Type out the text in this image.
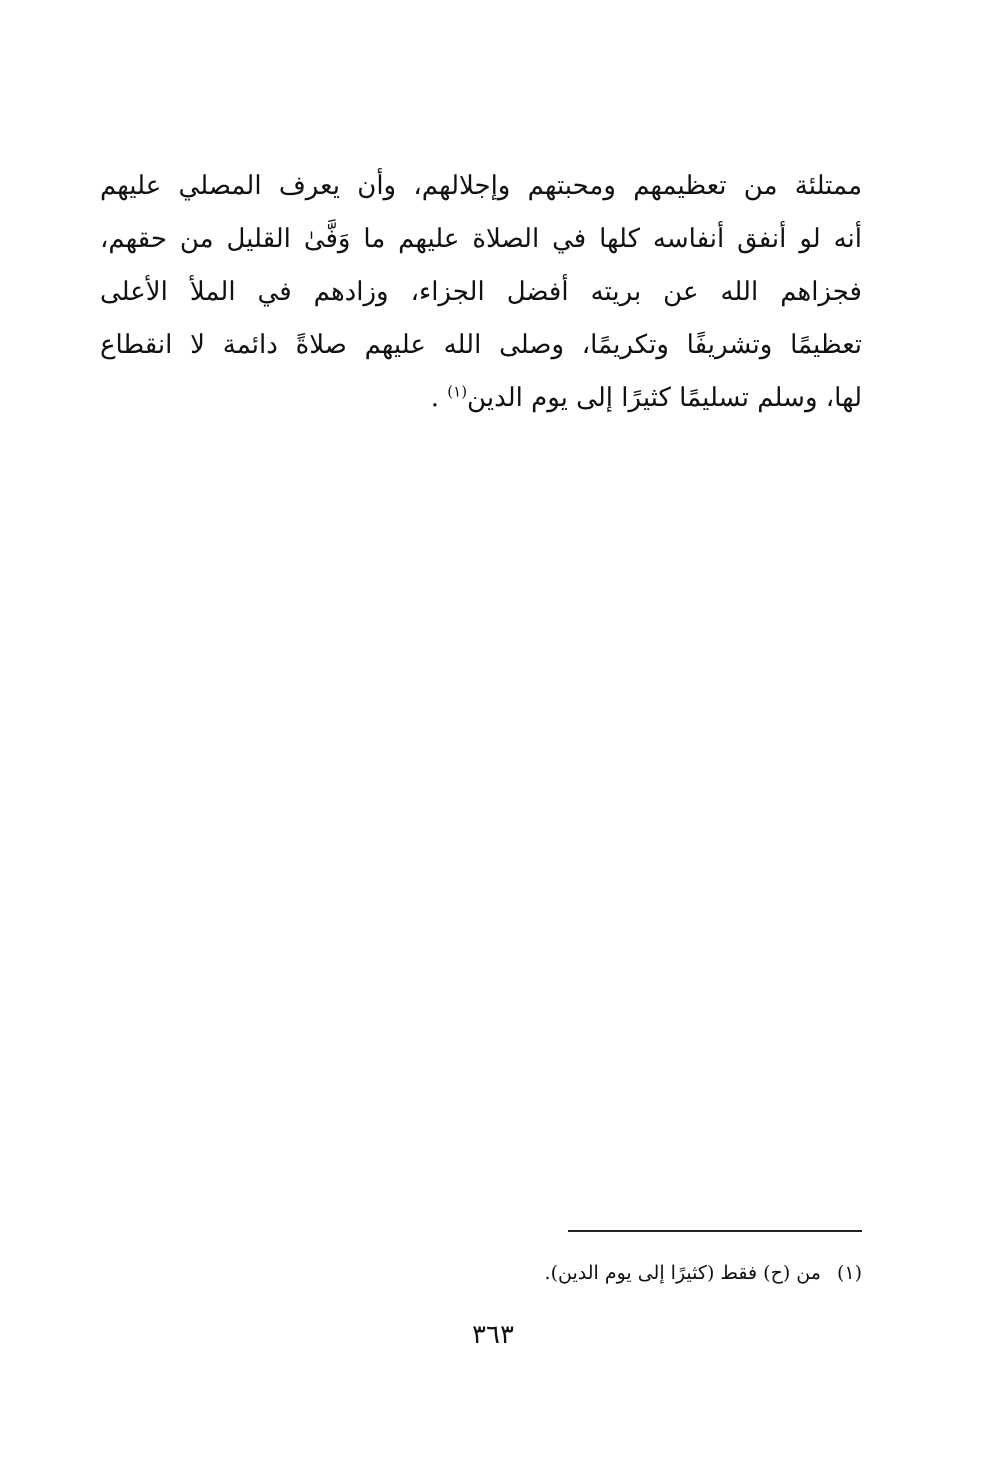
ممتلئة من تعظيمهم ومحبتهم وإجلالهم، وأن يعرف المصلي عليهم
أنه لو أنفق أنفاسه كلها في الصلاة عليهم ما وَفَّىٰ القليل من حقهم،
فجزاهم الله عن بريته أفضل الجزاء، وزادهم في الملأ الأعلى
تعظيمًا وتشريفًا وتكريمًا، وصلى الله عليهم صلاةً دائمة لا انقطاع
لها، وسلم تسليمًا كثيرًا إلى يوم الدين$^{(١)}$ .
(١)من (ح) فقط (كثيرًا إلى يوم الدين).
٣٦٣
